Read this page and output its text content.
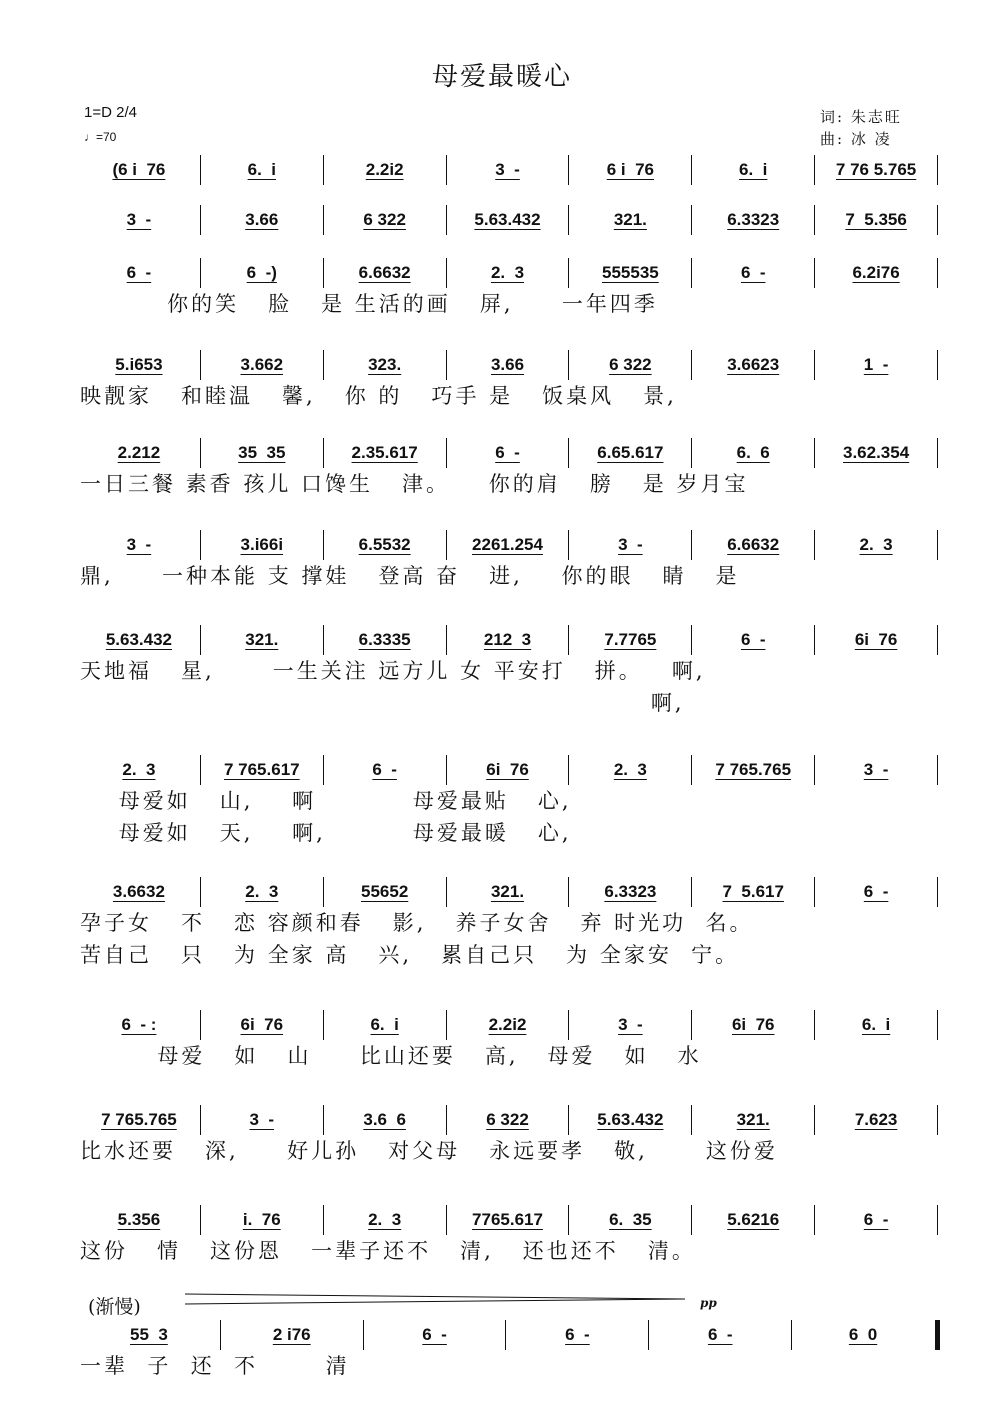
母爱最暖心
1=D 2/4
♩=70
词: 朱志旺
曲: 冰 凌
(6 i  76	6.  i	2.2i2	3  -	6 i  76	6.  i	7 76 5.765
3  -	3.66	6 322	5.63.432	321.	6.3323	7  5.356
6  -	6  -)	6.6632	2.  3	555535	6  -	6.2i76
你的笑   脸   是 生活的画   屏,     一年四季
5.i653	3.662	323.	3.66	6 322	3.6623	1  -
映靓家   和睦温   馨,   你 的   巧手 是   饭桌风   景,
2.212	35  35	2.35.617	6  -	6.65.617	6.  6	3.62.354
一日三餐 素香 孩儿 口馋生   津。    你的肩   膀   是 岁月宝
3  -	3.i66i	6.5532	2261.254	3  -	6.6632	2.  3
鼎,     一种本能 支 撑娃   登高 奋   进,    你的眼   睛   是
5.63.432	321.	6.3335	212  3	7.7765	6  -	6i  76
天地福   星,      一生关注 远方儿 女 平安打   拼。   啊,
啊,
2.  3	7 765.617	6  -	6i  76	2.  3	7 765.765	3  -
母爱如   山,    啊          母爱最贴   心,
母爱如   天,    啊,         母爱最暖   心,
3.6632	2.  3	55652	321.	6.3323	7  5.617	6  -
孕子女   不   恋 容颜和春   影,   养子女舍   弃 时光功  名。
苦自己   只   为 全家 高   兴,   累自己只   为 全家安  宁。
6  - :	6i  76	6.  i	2.2i2	3  -	6i  76	6.  i
母爱   如   山     比山还要   高,   母爱   如   水
7 765.765	3  -	3.6  6	6 322	5.63.432	321.	7.623
比水还要   深,     好儿孙   对父母   永远要孝   敬,      这份爱
5.356	i.  76	2.  3	7765.617	6.  35	5.6216	6  -
这份   情   这份恩   一辈子还不   清,   还也还不   清。
55  3	2 i76	6  -	6  -	6  -	6  0
一辈  子  还  不       清
pp
(渐慢)
